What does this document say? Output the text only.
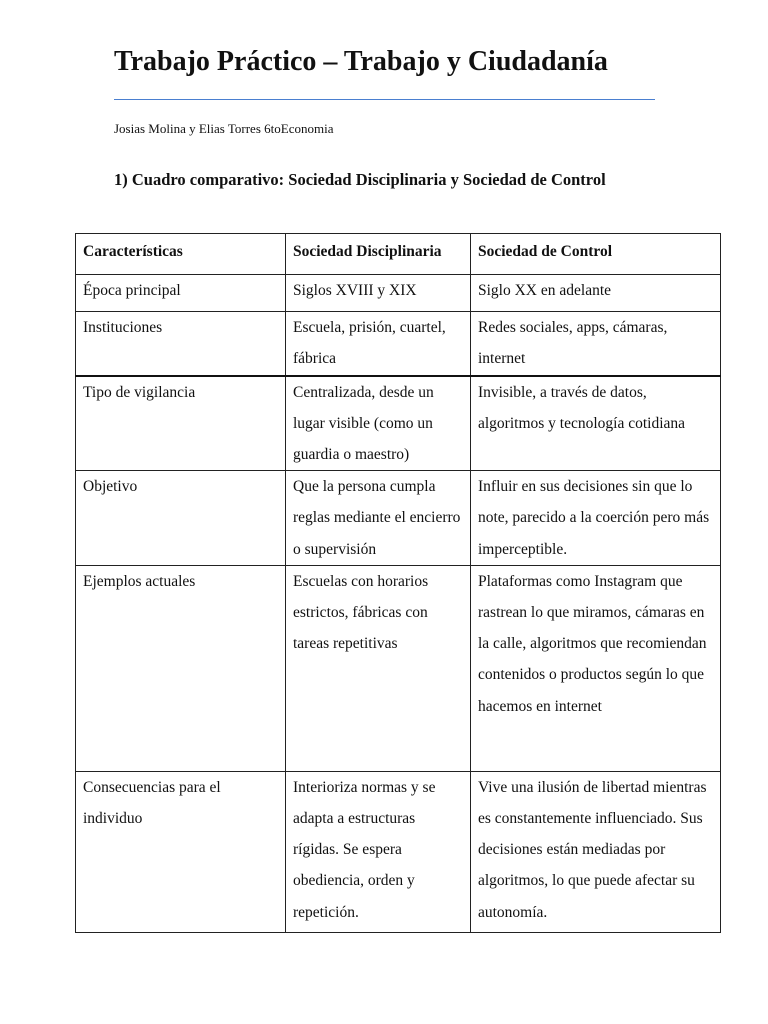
Trabajo Práctico – Trabajo y Ciudadanía

Josias Molina y Elias Torres 6toEconomia

1) Cuadro comparativo: Sociedad Disciplinaria y Sociedad de Control
Características	Sociedad Disciplinaria	Sociedad de Control
Época principal	Siglos XVIII y XIX	Siglo XX en adelante
Instituciones	Escuela, prisión, cuartel, fábrica	Redes sociales, apps, cámaras, internet
Tipo de vigilancia	Centralizada, desde un lugar visible (como un guardia o maestro)	Invisible, a través de datos, algoritmos y tecnología cotidiana
Objetivo	Que la persona cumpla reglas mediante el encierro o supervisión	Influir en sus decisiones sin que lo note, parecido a la coerción pero más imperceptible.
Ejemplos actuales	Escuelas con horarios estrictos, fábricas con tareas repetitivas	Plataformas como Instagram que rastrean lo que miramos, cámaras en la calle, algoritmos que recomiendan contenidos o productos según lo que hacemos en internet
Consecuencias para el individuo	Interioriza normas y se adapta a estructuras rígidas. Se espera obediencia, orden y repetición.	Vive una ilusión de libertad mientras es constantemente influenciado. Sus decisiones están mediadas por algoritmos, lo que puede afectar su autonomía.
